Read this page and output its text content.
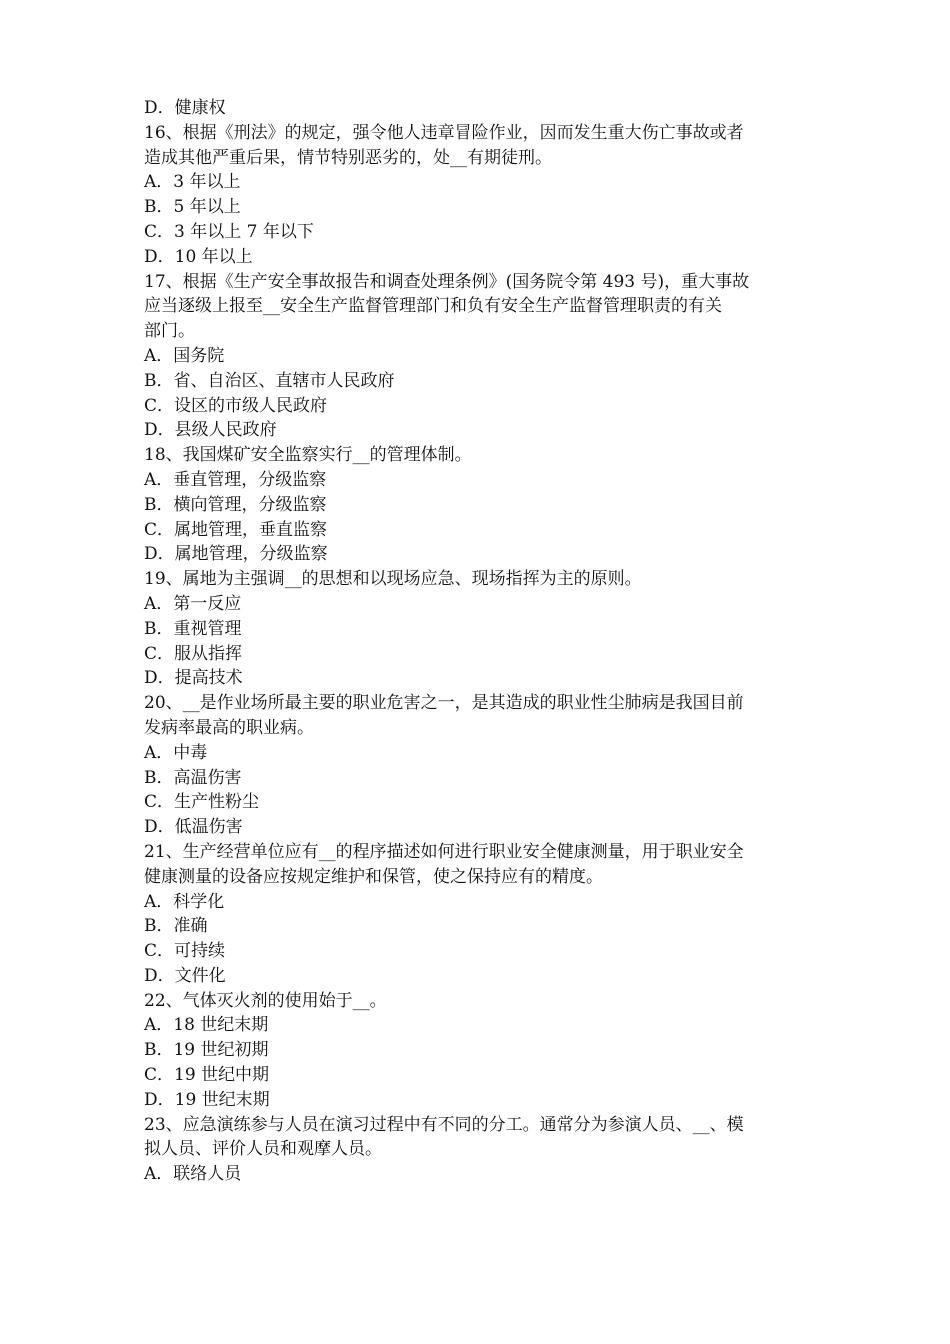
D．健康权

16、根据《刑法》的规定，强令他人违章冒险作业，因而发生重大伤亡事故或者

造成其他严重后果，情节特别恶劣的，处__有期徒刑。

A．3 年以上

B．5 年以上

C．3 年以上 7 年以下

D．10 年以上

17、根据《生产安全事故报告和调查处理条例》(国务院令第 493 号)，重大事故

应当逐级上报至__安全生产监督管理部门和负有安全生产监督管理职责的有关

部门。

A．国务院

B．省、自治区、直辖市人民政府

C．设区的市级人民政府

D．县级人民政府

18、我国煤矿安全监察实行__的管理体制。

A．垂直管理，分级监察

B．横向管理，分级监察

C．属地管理，垂直监察

D．属地管理，分级监察

19、属地为主强调__的思想和以现场应急、现场指挥为主的原则。

A．第一反应

B．重视管理

C．服从指挥

D．提高技术

20、__是作业场所最主要的职业危害之一，是其造成的职业性尘肺病是我国目前

发病率最高的职业病。

A．中毒

B．高温伤害

C．生产性粉尘

D．低温伤害

21、生产经营单位应有__的程序描述如何进行职业安全健康测量，用于职业安全

健康测量的设备应按规定维护和保管，使之保持应有的精度。

A．科学化

B．准确

C．可持续

D．文件化

22、气体灭火剂的使用始于__。

A．18 世纪末期

B．19 世纪初期

C．19 世纪中期

D．19 世纪末期

23、应急演练参与人员在演习过程中有不同的分工。通常分为参演人员、__、模

拟人员、评价人员和观摩人员。

A．联络人员
